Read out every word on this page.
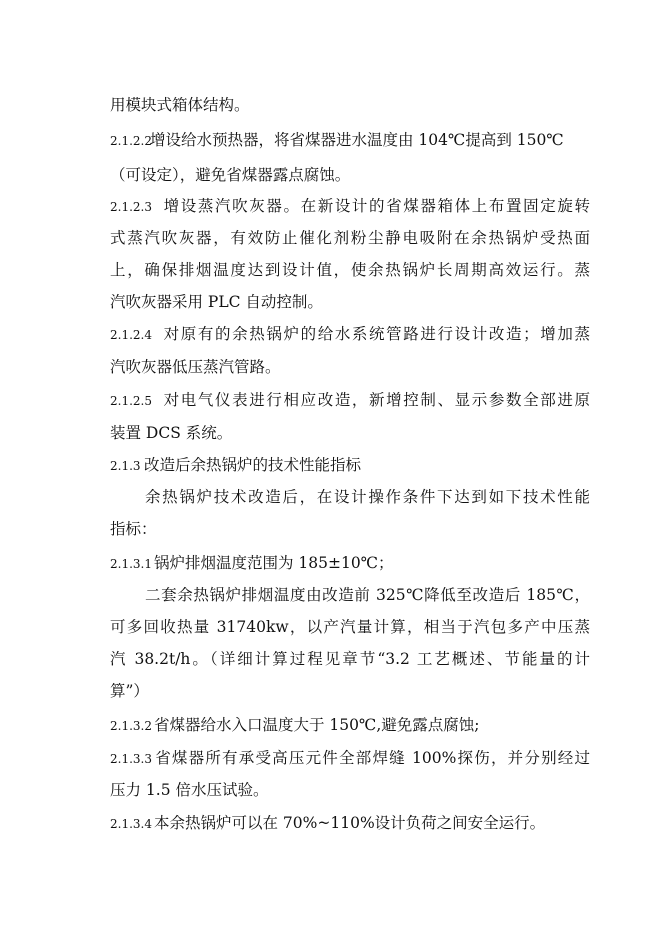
用模块式箱体结构。
2.1.2.2增设给水预热器，将省煤器进水温度由 104℃提高到 150℃
（可设定），避免省煤器露点腐蚀。
2.1.2.3 增设蒸汽吹灰器。在新设计的省煤器箱体上布置固定旋转
式蒸汽吹灰器，有效防止催化剂粉尘静电吸附在余热锅炉受热面
上，确保排烟温度达到设计值，使余热锅炉长周期高效运行。蒸
汽吹灰器采用 PLC 自动控制。
2.1.2.4 对原有的余热锅炉的给水系统管路进行设计改造；增加蒸
汽吹灰器低压蒸汽管路。
2.1.2.5 对电气仪表进行相应改造，新增控制、显示参数全部进原
装置 DCS 系统。
2.1.3 改造后余热锅炉的技术性能指标
余热锅炉技术改造后，在设计操作条件下达到如下技术性能
指标：
2.1.3.1 锅炉排烟温度范围为 185±10℃；
二套余热锅炉排烟温度由改造前 325℃降低至改造后 185℃，
可多回收热量 31740kw，以产汽量计算，相当于汽包多产中压蒸
汽 38.2t/h。（详细计算过程见章节“3.2 工艺概述、节能量的计
算”）
2.1.3.2 省煤器给水入口温度大于 150℃,避免露点腐蚀;
2.1.3.3 省煤器所有承受高压元件全部焊缝 100%探伤，并分别经过
压力 1.5 倍水压试验。
2.1.3.4 本余热锅炉可以在 70%~110%设计负荷之间安全运行。
